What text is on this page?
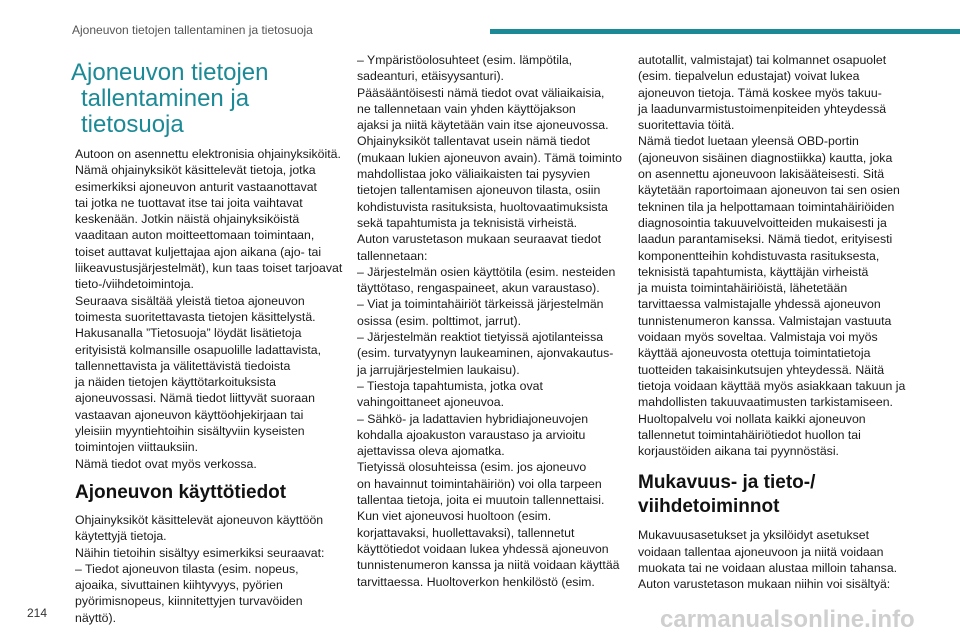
Ajoneuvon tietojen tallentaminen ja tietosuoja
Ajoneuvon tietojen
tallentaminen ja tietosuoja

Autoon on asennettu elektronisia ohjainyksiköitä.

Nämä ohjainyksiköt käsittelevät tietoja, jotka

esimerkiksi ajoneuvon anturit vastaanottavat

tai jotka ne tuottavat itse tai joita vaihtavat

keskenään. Jotkin näistä ohjainyksiköistä

vaaditaan auton moitteettomaan toimintaan,

toiset auttavat kuljettajaa ajon aikana (ajo- tai

liikeavustusjärjestelmät), kun taas toiset tarjoavat

tieto-/viihdetoimintoja.

Seuraava sisältää yleistä tietoa ajoneuvon

toimesta suoritettavasta tietojen käsittelystä.

Hakusanalla ”Tietosuoja” löydät lisätietoja

erityisistä kolmansille osapuolille ladattavista,

tallennettavista ja välitettävistä tiedoista

ja näiden tietojen käyttötarkoituksista

ajoneuvossasi. Nämä tiedot liittyvät suoraan

vastaavan ajoneuvon käyttöohjekirjaan tai

yleisiin myyntiehtoihin sisältyviin kyseisten

toimintojen viittauksiin.

Nämä tiedot ovat myös verkossa.

Ajoneuvon käyttötiedot

Ohjainyksiköt käsittelevät ajoneuvon käyttöön

käytettyjä tietoja.

Näihin tietoihin sisältyy esimerkiksi seuraavat:

– Tiedot ajoneuvon tilasta (esim. nopeus,

ajoaika, sivuttainen kiihtyvyys, pyörien

pyörimisnopeus, kiinnitettyjen turvavöiden

näyttö).

– Ympäristöolosuhteet (esim. lämpötila,

sadeanturi, etäisyysanturi).

Pääsääntöisesti nämä tiedot ovat väliaikaisia,

ne tallennetaan vain yhden käyttöjakson

ajaksi ja niitä käytetään vain itse ajoneuvossa.

Ohjainyksiköt tallentavat usein nämä tiedot

(mukaan lukien ajoneuvon avain). Tämä toiminto

mahdollistaa joko väliaikaisten tai pysyvien

tietojen tallentamisen ajoneuvon tilasta, osiin

kohdistuvista rasituksista, huoltovaatimuksista

sekä tapahtumista ja teknisistä virheistä.

Auton varustetason mukaan seuraavat tiedot

tallennetaan:

– Järjestelmän osien käyttötila (esim. nesteiden

täyttötaso, rengaspaineet, akun varaustaso).

– Viat ja toimintahäiriöt tärkeissä järjestelmän

osissa (esim. polttimot, jarrut).

– Järjestelmän reaktiot tietyissä ajotilanteissa

(esim. turvatyynyn laukeaminen, ajonvakautus-

ja jarrujärjestelmien laukaisu).

– Tiestoja tapahtumista, jotka ovat

vahingoittaneet ajoneuvoa.

– Sähkö- ja ladattavien hybridiajoneuvojen

kohdalla ajoakuston varaustaso ja arvioitu

ajettavissa oleva ajomatka.

Tietyissä olosuhteissa (esim. jos ajoneuvo

on havainnut toimintahäiriön) voi olla tarpeen

tallentaa tietoja, joita ei muutoin tallennettaisi.

Kun viet ajoneuvosi huoltoon (esim.

korjattavaksi, huollettavaksi), tallennetut

käyttötiedot voidaan lukea yhdessä ajoneuvon

tunnistenumeron kanssa ja niitä voidaan käyttää

tarvittaessa. Huoltoverkon henkilöstö (esim.

autotallit, valmistajat) tai kolmannet osapuolet

(esim. tiepalvelun edustajat) voivat lukea

ajoneuvon tietoja. Tämä koskee myös takuu-

ja laadunvarmistustoimenpiteiden yhteydessä

suoritettavia töitä.

Nämä tiedot luetaan yleensä OBD-portin

(ajoneuvon sisäinen diagnostiikka) kautta, joka

on asennettu ajoneuvoon lakisääteisesti. Sitä

käytetään raportoimaan ajoneuvon tai sen osien

tekninen tila ja helpottamaan toimintahäiriöiden

diagnosointia takuuvelvoitteiden mukaisesti ja

laadun parantamiseksi. Nämä tiedot, erityisesti

komponentteihin kohdistuvasta rasituksesta,

teknisistä tapahtumista, käyttäjän virheistä

ja muista toimintahäiriöistä, lähetetään

tarvittaessa valmistajalle yhdessä ajoneuvon

tunnistenumeron kanssa. Valmistajan vastuuta

voidaan myös soveltaa. Valmistaja voi myös

käyttää ajoneuvosta otettuja toimintatietoja

tuotteiden takaisinkutsujen yhteydessä. Näitä

tietoja voidaan käyttää myös asiakkaan takuun ja

mahdollisten takuuvaatimusten tarkistamiseen.

Huoltopalvelu voi nollata kaikki ajoneuvon

tallennetut toimintahäiriötiedot huollon tai

korjaustöiden aikana tai pyynnöstäsi.

Mukavuus- ja tieto-/
viihdetoiminnot

Mukavuusasetukset ja yksilöidyt asetukset

voidaan tallentaa ajoneuvoon ja niitä voidaan

muokata tai ne voidaan alustaa milloin tahansa.

Auton varustetason mukaan niihin voi sisältyä:

214	carmanualsonline.info
